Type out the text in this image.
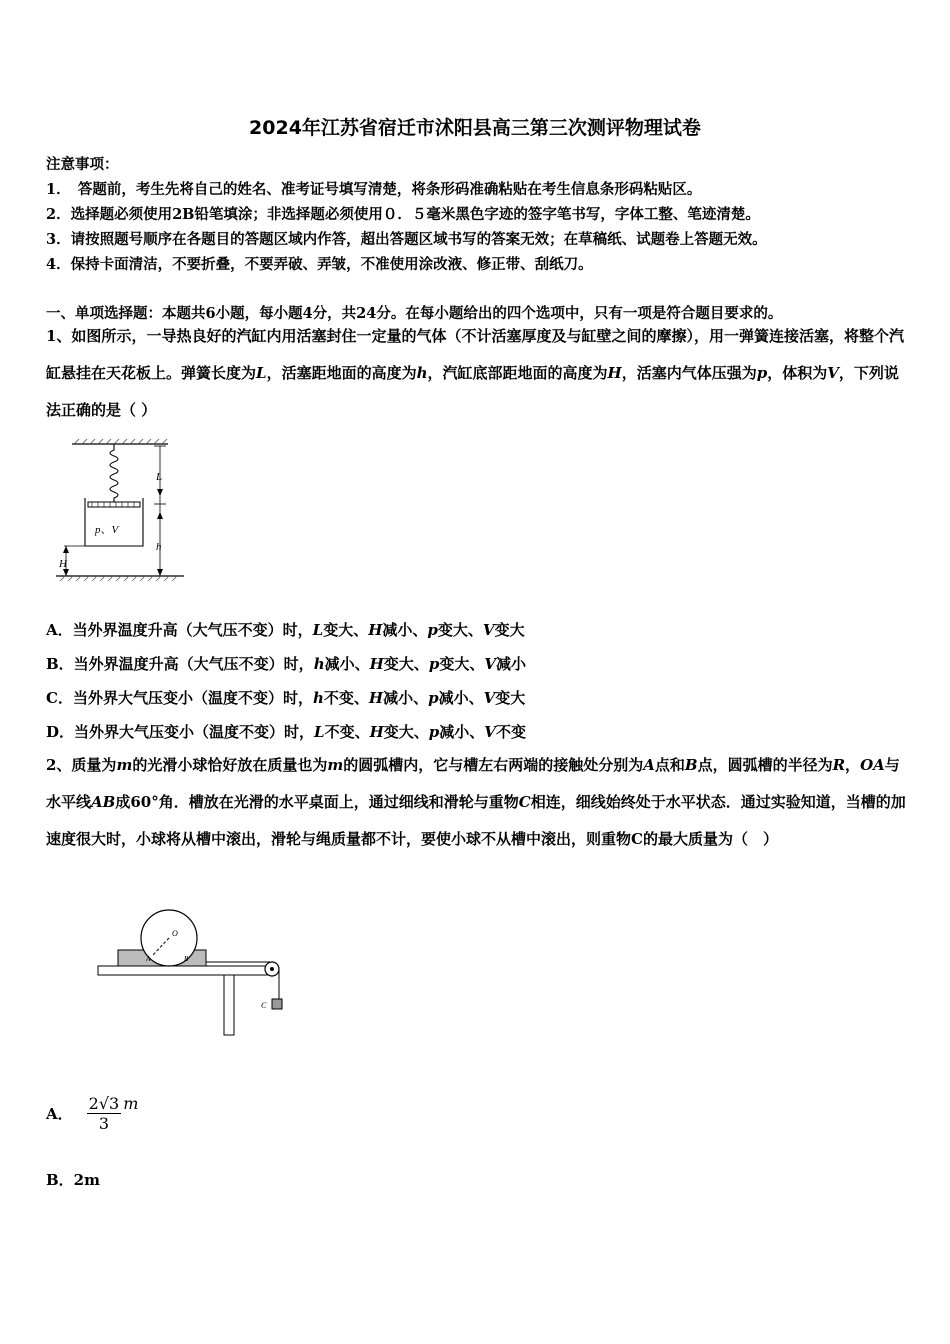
2024年江苏省宿迁市沭阳县高三第三次测评物理试卷
注意事项：
1．　答题前，考生先将自己的姓名、准考证号填写清楚，将条形码准确粘贴在考生信息条形码粘贴区。
2．选择题必须使用2B铅笔填涂；非选择题必须使用０．５毫米黑色字迹的签字笔书写，字体工整、笔迹清楚。
3．请按照题号顺序在各题目的答题区域内作答，超出答题区域书写的答案无效；在草稿纸、试题卷上答题无效。
4．保持卡面清洁，不要折叠，不要弄破、弄皱，不准使用涂改液、修正带、刮纸刀。
一、单项选择题：本题共6小题，每小题4分，共24分。在每小题给出的四个选项中，只有一项是符合题目要求的。
1、如图所示，一导热良好的汽缸内用活塞封住一定量的气体（不计活塞厚度及与缸壁之间的摩擦），用一弹簧连接活塞，将整个汽缸悬挂在天花板上。弹簧长度为L，活塞距地面的高度为h，汽缸底部距地面的高度为H，活塞内气体压强为p，体积为V，下列说法正确的是（ ）
p、V
L
h
H
A．当外界温度升高（大气压不变）时，L变大、H减小、p变大、V变大
B．当外界温度升高（大气压不变）时，h减小、H变大、p变大、V减小
C．当外界大气压变小（温度不变）时，h不变、H减小、p减小、V变大
D．当外界大气压变小（温度不变）时，L不变、H变大、p减小、V不变
2、质量为m的光滑小球恰好放在质量也为m的圆弧槽内，它与槽左右两端的接触处分别为A点和B点，圆弧槽的半径为R，OA与水平线AB成60°角．槽放在光滑的水平桌面上，通过细线和滑轮与重物C相连，细线始终处于水平状态．通过实验知道，当槽的加速度很大时，小球将从槽中滚出，滑轮与绳质量都不计，要使小球不从槽中滚出，则重物C的最大质量为（　）
O
A	B
C
A． $\frac{2√3}{3}$ m
B．2m
